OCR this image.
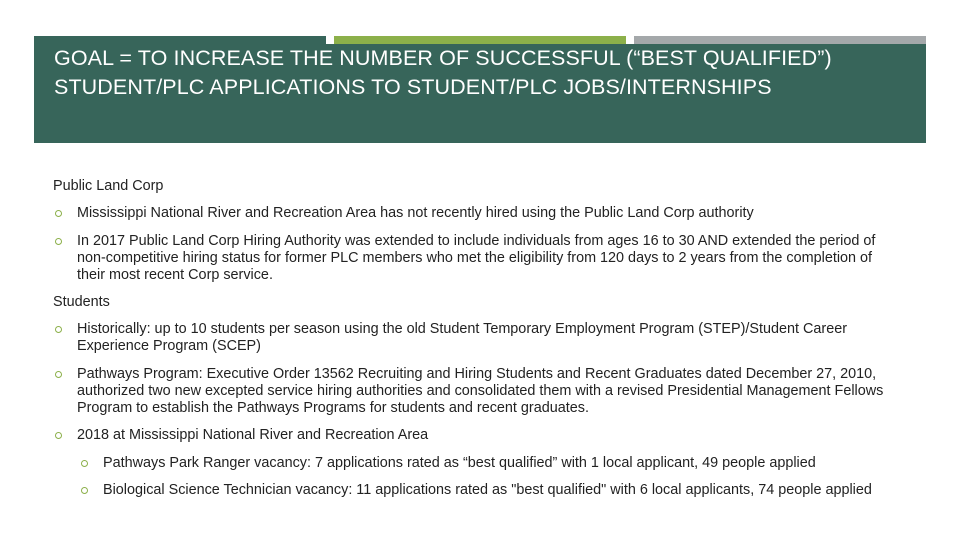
GOAL = TO INCREASE THE NUMBER OF SUCCESSFUL (“BEST QUALIFIED”) STUDENT/PLC APPLICATIONS TO STUDENT/PLC JOBS/INTERNSHIPS
Public Land Corp
Mississippi National River and Recreation Area has not recently hired using the Public Land Corp authority
In 2017 Public Land Corp Hiring Authority was extended to include individuals from ages 16 to 30 AND extended the period of non-competitive hiring status for former PLC members who met the eligibility from 120 days to 2 years from the completion of their most recent Corp service.
Students
Historically: up to 10 students per season using the old Student Temporary Employment Program (STEP)/Student Career Experience Program (SCEP)
Pathways Program: Executive Order 13562 Recruiting and Hiring Students and Recent Graduates dated December 27, 2010, authorized two new excepted service hiring authorities and consolidated them with a revised Presidential Management Fellows Program to establish the Pathways Programs for students and recent graduates.
2018 at Mississippi National River and Recreation Area
Pathways Park Ranger vacancy: 7 applications rated as “best qualified” with 1 local applicant, 49 people applied
Biological Science Technician vacancy: 11 applications rated as "best qualified" with 6 local applicants, 74 people applied
